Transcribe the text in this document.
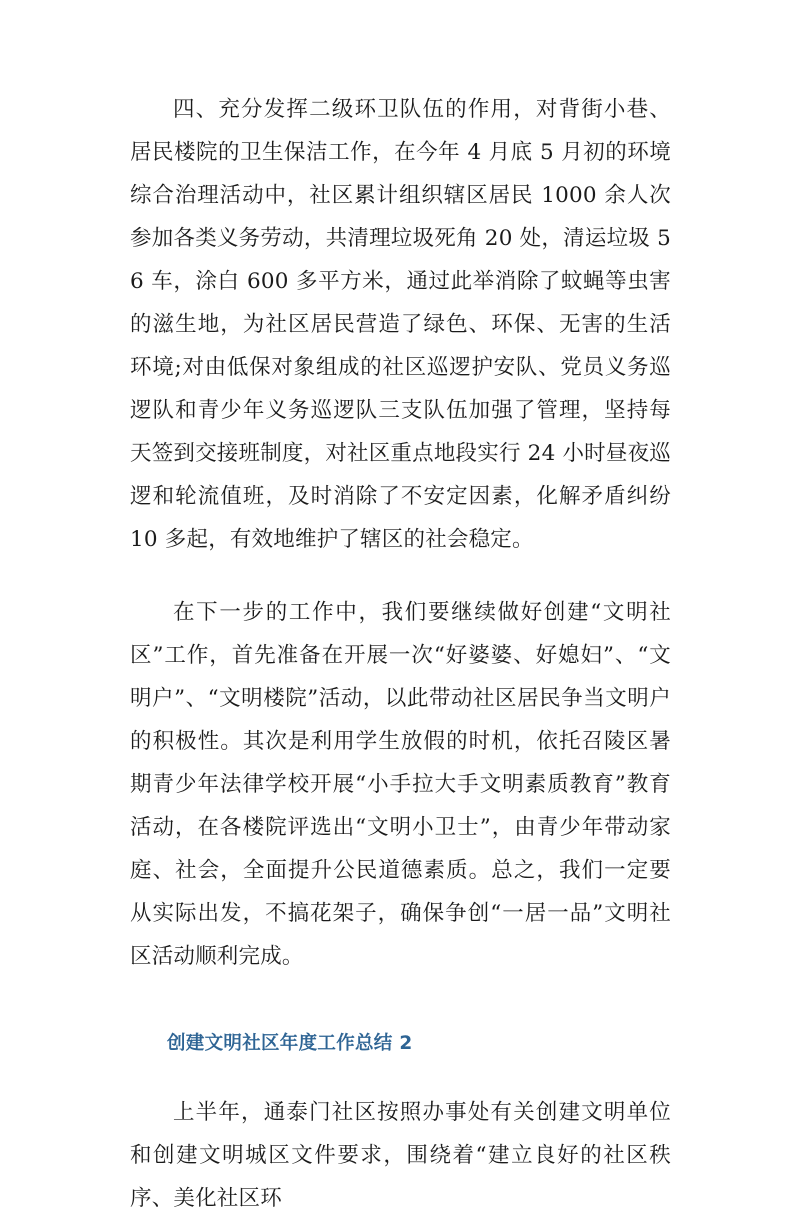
四、充分发挥二级环卫队伍的作用，对背街小巷、居民楼院的卫生保洁工作，在今年 4 月底 5 月初的环境综合治理活动中，社区累计组织辖区居民 1000 余人次参加各类义务劳动，共清理垃圾死角 20 处，清运垃圾 56 车，涂白 600 多平方米，通过此举消除了蚊蝇等虫害的滋生地，为社区居民营造了绿色、环保、无害的生活环境;对由低保对象组成的社区巡逻护安队、党员义务巡逻队和青少年义务巡逻队三支队伍加强了管理，坚持每天签到交接班制度，对社区重点地段实行 24 小时昼夜巡逻和轮流值班，及时消除了不安定因素，化解矛盾纠纷 10 多起，有效地维护了辖区的社会稳定。

在下一步的工作中，我们要继续做好创建“文明社区”工作，首先准备在开展一次“好婆婆、好媳妇”、“文明户”、“文明楼院”活动，以此带动社区居民争当文明户的积极性。其次是利用学生放假的时机，依托召陵区暑期青少年法律学校开展“小手拉大手文明素质教育”教育活动，在各楼院评选出“文明小卫士”，由青少年带动家庭、社会，全面提升公民道德素质。总之，我们一定要从实际出发，不搞花架子，确保争创“一居一品”文明社区活动顺利完成。

创建文明社区年度工作总结 2

上半年，通泰门社区按照办事处有关创建文明单位和创建文明城区文件要求，围绕着“建立良好的社区秩序、美化社区环
